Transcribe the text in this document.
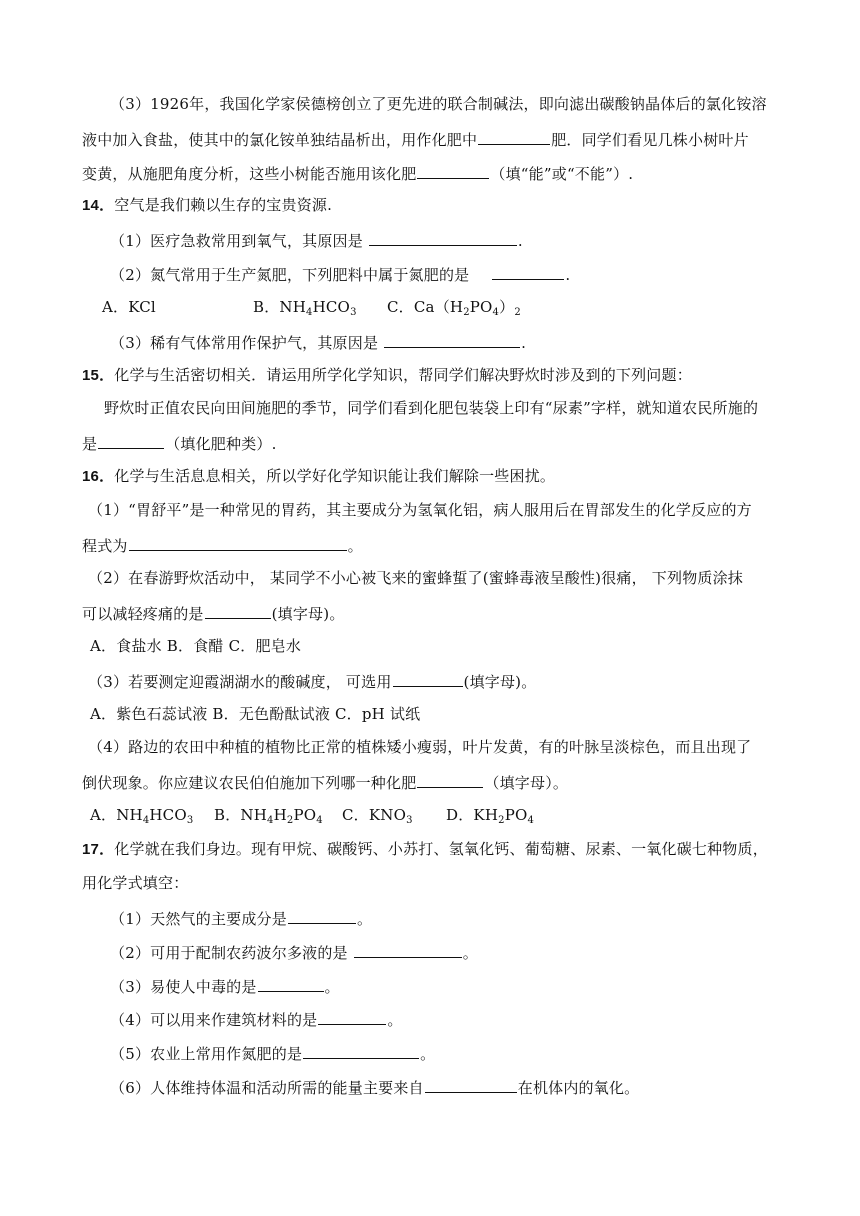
（3）1926年，我国化学家侯德榜创立了更先进的联合制碱法，即向滤出碳酸钠晶体后的氯化铵溶
液中加入食盐，使其中的氯化铵单独结晶析出，用作化肥中	肥．同学们看见几株小树叶片
变黄，从施肥角度分析，这些小树能否施用该化肥	（填“能”或“不能”）.
14．空气是我们赖以生存的宝贵资源.
（1）医疗急救常用到氧气，其原因是	.
（2）氮气常用于生产氮肥，下列肥料中属于氮肥的是	.
A．KCl	B．$NH_4HCO_3$ C．$Ca(H_2PO_4)_2$
（3）稀有气体常用作保护气，其原因是	.
15．化学与生活密切相关．请运用所学化学知识，帮同学们解决野炊时涉及到的下列问题：
野炊时正值农民向田间施肥的季节，同学们看到化肥包装袋上印有“尿素”字样，就知道农民所施的
是	（填化肥种类）.
16．化学与生活息息相关，所以学好化学知识能让我们解除一些困扰。
（1）“胃舒平”是一种常见的胃药，其主要成分为氢氧化铝，病人服用后在胃部发生的化学反应的方
程式为	。
（2）在春游野炊活动中， 某同学不小心被飞来的蜜蜂蜇了(蜜蜂毒液呈酸性)很痛， 下列物质涂抹
可以减轻疼痛的是	(填字母)。
A．食盐水 B．食醋 C．肥皂水
（3）若要测定迎霞湖湖水的酸碱度， 可选用	(填字母)。
A．紫色石蕊试液 B．无色酚酞试液 C．pH 试纸
（4）路边的农田中种植的植物比正常的植株矮小瘦弱，叶片发黄，有的叶脉呈淡棕色，而且出现了
倒伏现象。你应建议农民伯伯施加下列哪一种化肥	（填字母）。
A．$NH_4HCO_3$ B．$NH_4H_2PO_4$ C．$KNO_3$ D．$KH_2PO_4$
17．化学就在我们身边。现有甲烷、碳酸钙、小苏打、氢氧化钙、葡萄糖、尿素、一氧化碳七种物质，
用化学式填空：
（1）天然气的主要成分是	。
（2）可用于配制农药波尔多液的是	。
（3）易使人中毒的是	。
（4）可以用来作建筑材料的是	。
（5）农业上常用作氮肥的是	。
（6）人体维持体温和活动所需的能量主要来自	在机体内的氧化。
